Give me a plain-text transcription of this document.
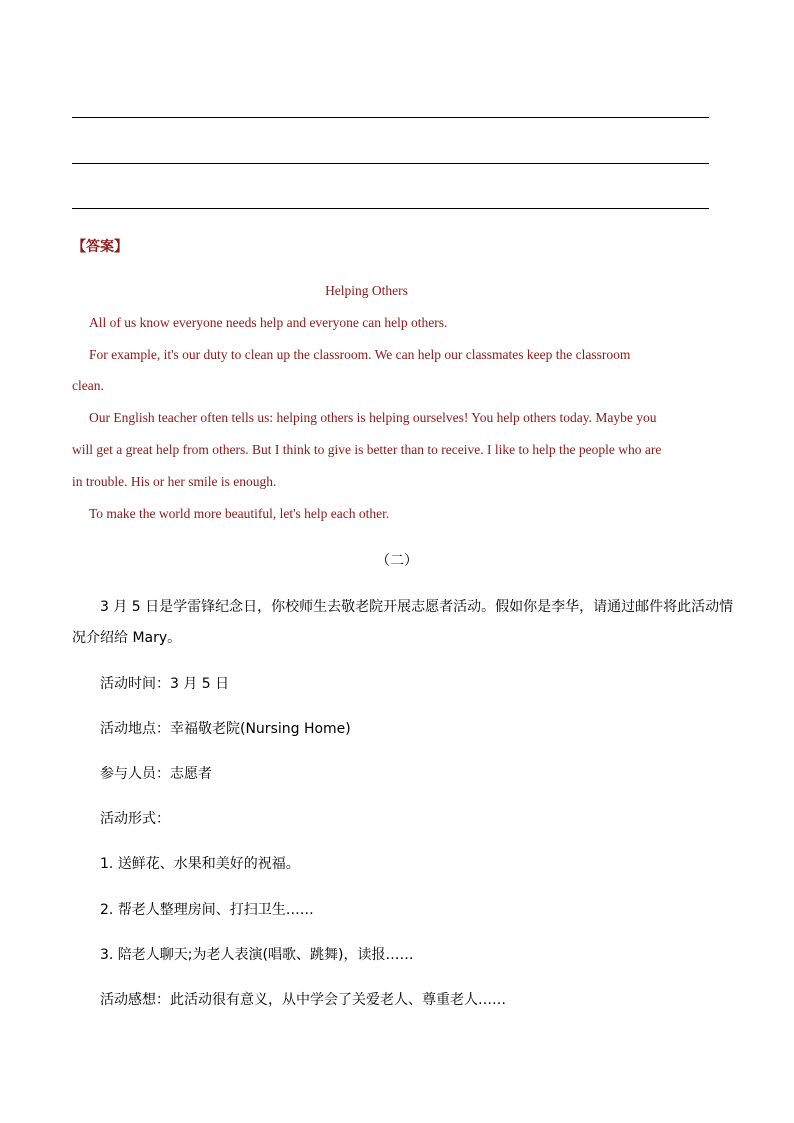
【答案】
Helping Others
All of us know everyone needs help and everyone can help others.
For example, it's our duty to clean up the classroom. We can help our classmates keep the classroom
clean.
Our English teacher often tells us: helping others is helping ourselves! You help others today. Maybe you
will get a great help from others. But I think to give is better than to receive. I like to help the people who are
in trouble. His or her smile is enough.
To make the world more beautiful, let's help each other.
（二）
3 月 5 日是学雷锋纪念日，你校师生去敬老院开展志愿者活动。假如你是李华，请通过邮件将此活动情
况介绍给 Mary。
活动时间：3 月 5 日
活动地点：幸福敬老院(Nursing Home)
参与人员：志愿者
活动形式：
1. 送鲜花、水果和美好的祝福。
2. 帮老人整理房间、打扫卫生……
3. 陪老人聊天;为老人表演(唱歌、跳舞)，读报……
活动感想：此活动很有意义，从中学会了关爱老人、尊重老人……
